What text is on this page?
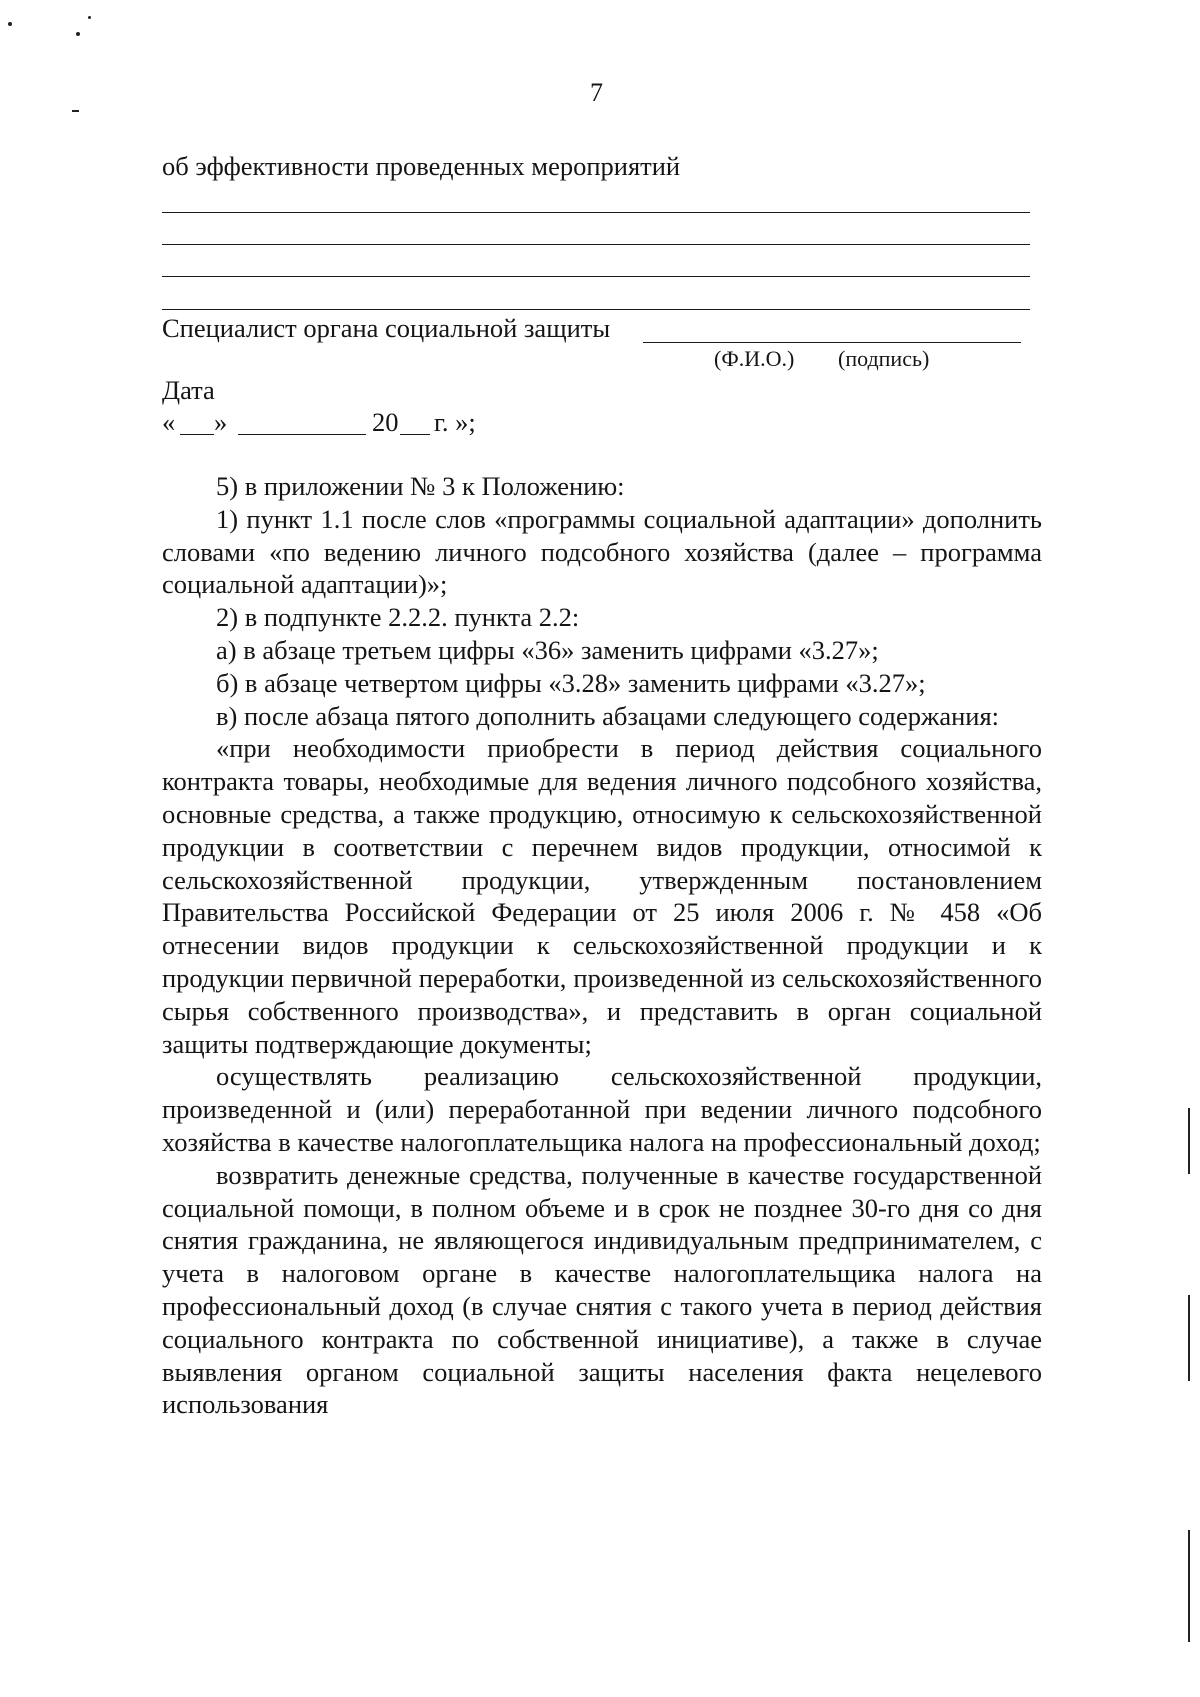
7
об эффективности проведенных мероприятий
Специалист органа социальной защиты
(Ф.И.О.) (подпись)
Дата
« »	20 г. »;

5) в приложении № 3 к Положению:

1) пункт 1.1 после слов «программы социальной адаптации» дополнить словами «по ведению личного подсобного хозяйства (далее – программа социальной адаптации)»;

2) в подпункте 2.2.2. пункта 2.2:

а) в абзаце третьем цифры «36» заменить цифрами «3.27»;

б) в абзаце четвертом цифры «3.28» заменить цифрами «3.27»;

в) после абзаца пятого дополнить абзацами следующего содержания:

«при необходимости приобрести в период действия социального контракта товары, необходимые для ведения личного подсобного хозяйства, основные средства, а также продукцию, относимую к сельскохозяйственной продукции в соответствии с перечнем видов продукции, относимой к сельскохозяйственной продукции, утвержденным постановлением Правительства Российской Федерации от 25 июля 2006 г. № 458 «Об отнесении видов продукции к сельскохозяйственной продукции и к продукции первичной переработки, произведенной из сельскохозяйственного сырья собственного производства», и представить в орган социальной защиты подтверждающие документы;

осуществлять реализацию сельскохозяйственной продукции, произведенной и (или) переработанной при ведении личного подсобного хозяйства в качестве налогоплательщика налога на профессиональный доход;

возвратить денежные средства, полученные в качестве государственной социальной помощи, в полном объеме и в срок не позднее 30-го дня со дня снятия гражданина, не являющегося индивидуальным предпринимателем, с учета в налоговом органе в качестве налогоплательщика налога на профессиональный доход (в случае снятия с такого учета в период действия социального контракта по собственной инициативе), а также в случае выявления органом социальной защиты населения факта нецелевого использования
